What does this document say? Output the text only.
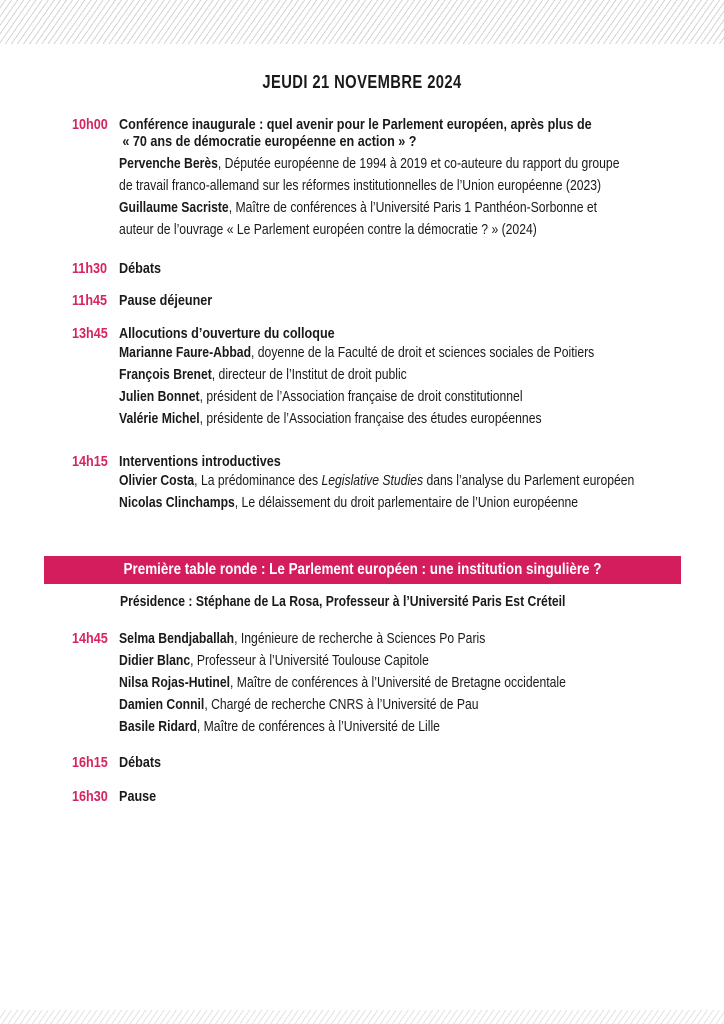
JEUDI 21 NOVEMBRE 2024
10h00 Conférence inaugurale : quel avenir pour le Parlement européen, après plus de
« 70 ans de démocratie européenne en action » ?
Pervenche Berès, Députée européenne de 1994 à 2019 et co-auteure du rapport du groupe
de travail franco-allemand sur les réformes institutionnelles de l’Union européenne (2023)
Guillaume Sacriste, Maître de conférences à l’Université Paris 1 Panthéon-Sorbonne et
auteur de l’ouvrage « Le Parlement européen contre la démocratie ? » (2024)
11h30 Débats
11h45 Pause déjeuner
13h45 Allocutions d’ouverture du colloque
Marianne Faure-Abbad, doyenne de la Faculté de droit et sciences sociales de Poitiers
François Brenet, directeur de l’Institut de droit public
Julien Bonnet, président de l’Association française de droit constitutionnel
Valérie Michel, présidente de l’Association française des études européennes
14h15 Interventions introductives
Olivier Costa, La prédominance des Legislative Studies dans l’analyse du Parlement européen
Nicolas Clinchamps, Le délaissement du droit parlementaire de l’Union européenne
Première table ronde : Le Parlement européen : une institution singulière ?
Présidence : Stéphane de La Rosa, Professeur à l’Université Paris Est Créteil
14h45 Selma Bendjaballah, Ingénieure de recherche à Sciences Po Paris
Didier Blanc, Professeur à l’Université Toulouse Capitole
Nilsa Rojas-Hutinel, Maître de conférences à l’Université de Bretagne occidentale
Damien Connil, Chargé de recherche CNRS à l’Université de Pau
Basile Ridard, Maître de conférences à l’Université de Lille
16h15 Débats
16h30 Pause
